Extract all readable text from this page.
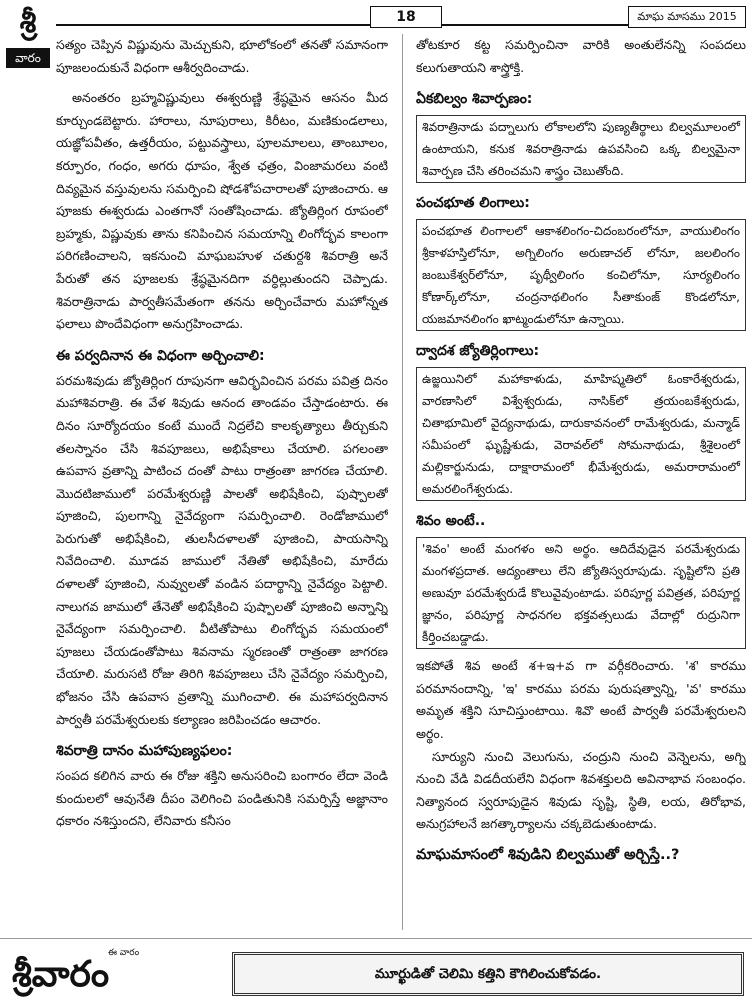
శ్రీ
వారం
18	మాఘ మాసము 2015

సత్యం చెప్పిన విష్ణువును మెచ్చుకుని, భూలోకంలో తనతో సమానంగా పూజలందుకునే విధంగా ఆశీర్వదించాడు.

అనంతరం బ్రహ్మవిష్ణువులు ఈశ్వరుణ్ణి శ్రేష్ఠమైన ఆసనం మీద కూర్చుండబెట్టారు. హారాలు, నూపురాలు, కిరీటం, మణికుండలాలు, యజ్ఞోపవీతం, ఉత్తరీయం, పట్టువస్త్రాలు, పూలమాలలు, తాంబూలం, కర్పూరం, గంధం, అగరు ధూపం, శ్వేత ఛత్రం, వింజామరలు వంటి దివ్యమైన వస్తువులను సమర్పించి షోడశోపచారాలతో పూజించారు. ఆ పూజకు ఈశ్వరుడు ఎంతగానో సంతోషించాడు. జ్యోతిర్లింగ రూపంలో బ్రహ్మకు, విష్ణువుకు తాను కనిపించిన సమయాన్ని లింగోద్భవ కాలంగా పరిగణించాలని, ఇకనుంచి మాఘబహుళ చతుర్దశి శివరాత్రి అనే పేరుతో తన పూజలకు శ్రేష్ఠమైనదిగా వర్ధిల్లుతుందని చెప్పాడు. శివరాత్రినాడు పార్వతీసమేతంగా తనను అర్చించేవారు మహోన్నత ఫలాలు పొందేవిధంగా అనుగ్రహించాడు.

ఈ పర్వదినాన ఈ విధంగా అర్చించాలి:

పరమశివుడు జ్యోతిర్లింగ రూపునగా ఆవిర్భవించిన పరమ పవిత్ర దినం మహాశివరాత్రి. ఈ వేళ శివుడు ఆనంద తాండవం చేస్తాడంటారు. ఈ దినం సూర్యోదయం కంటే ముందే నిద్రలేచి కాలకృత్యాలు తీర్చుకుని తలస్నానం చేసి శివపూజలు, అభిషేకాలు చేయాలి. పగలంతా ఉపవాస వ్రతాన్ని పాటించ దంతో పాటు రాత్రంతా జాగరణ చేయాలి. మొదటిజాములో పరమేశ్వరుణ్ణి పాలతో అభిషేకించి, పుష్పాలతో పూజించి, పులగాన్ని నైవేద్యంగా సమర్పించాలి. రెండోజాములో పెరుగుతో అభిషేకించి, తులసీదళాలతో పూజించి, పాయసాన్ని నివేదించాలి. మూడవ జాములో నేతితో అభిషేకించి, మారేదు దళాలతో పూజించి, నువ్వులతో వండిన పదార్థాన్ని నైవేద్యం పెట్టాలి. నాలుగవ జాములో తేనెతో అభిషేకించి పుష్పాలతో పూజించి అన్నాన్ని నైవేద్యంగా సమర్పించాలి. వీటితోపాటు లింగోద్భవ సమయంలో పూజలు చేయడంతోపాటు శివనామ స్మరణంతో రాత్రంతా జాగరణ చేయాలి. మరుసటి రోజు తిరిగి శివపూజలు చేసి నైవేద్యం సమర్పించి, భోజనం చేసి ఉపవాస వ్రతాన్ని ముగించాలి. ఈ మహాపర్వదినాన పార్వతీ పరమేశ్వరులకు కల్యాణం జరిపించడం ఆచారం.

శివరాత్రి దానం మహాపుణ్యఫలం:

సంపద కలిగిన వారు ఈ రోజు శక్తిని అనుసరించి బంగారం లేదా వెండి కుందులలో ఆవునేతి దీపం వెలిగించి పండితునికి సమర్పిస్తే అజ్ఞానాం ధకారం నశిస్తుందని, లేనివారు కనీసం

తోటకూర కట్ట సమర్పించినా వారికి అంతులేనన్ని సంపదలు కలుగుతాయని శాస్త్రోక్తి.

ఏకబిల్వం శివార్పణం:

శివరాత్రినాడు పద్నాలుగు లోకాలలోని పుణ్యతీర్థాలు బిల్వమూలంలో ఉంటాయని, కనుక శివరాత్రినాడు ఉపవసించి ఒక్క బిల్వమైనా శివార్పణ చేసి తరించమని శాస్త్రం చెబుతోంది.

పంచభూత లింగాలు:

పంచభూత లింగాలలో ఆకాశలింగం-చిదంబరంలోనూ, వాయులింగం శ్రీకాళహస్తిలోనూ, అగ్నిలింగం అరుణాచల్ లోనూ, జలలింగం జంబుకేశ్వర్‌లోనూ, పృథ్వీలింగం కంచిలోనూ, సూర్యలింగం కోణార్క్‌లోనూ, చంద్రనాథలింగం సీతాకుంజ్ కొండలోనూ, యజమానలింగం ఖాట్మండులోనూ ఉన్నాయి.

ద్వాదశ జ్యోతిర్లింగాలు:

ఉజ్జయినిలో మహాకాళుడు, మాహిష్మతిలో ఓంకారేశ్వరుడు, వారణాసిలో విశ్వేశ్వరుడు, నాసిక్‌లో త్రయంబకేశ్వరుడు, చితాభూమిలో వైద్యనాథుడు, దారుకావనంలో రామేశ్వరుడు, మన్మాడ్ సమీపంలో ఘృష్ణేశుడు, వెరావల్‌లో సోమనాథుడు, శ్రీశైలంలో మల్లికార్జునుడు, దాక్షారామంలో భీమేశ్వరుడు, అమరారామంలో అమరలింగేశ్వరుడు.

శివం అంటే..

'శివం' అంటే మంగళం అని అర్థం. ఆదిదేవుడైన పరమేశ్వరుడు మంగళప్రదాత. ఆద్యంతాలు లేని జ్యోతిస్వరూపుడు. సృష్టిలోని ప్రతి అణువూ పరమేశ్వరుడే కొలువైవుంటాడు. పరిపూర్ణ పవిత్రత, పరిపూర్ణ జ్ఞానం, పరిపూర్ణ సాధనగల భక్తవత్సలుడు వేదాల్లో రుద్రునిగా కీర్తించబడ్డాడు.

ఇకపోతే శివ అంటే శ+ఇ+వ గా వర్గీకరించారు. 'శ' కారము పరమానందాన్ని, 'ఇ' కారము పరమ పురుషత్వాన్ని, 'వ' కారము అమృత శక్తిని సూచిస్తుంటాయి. శివొ అంటే పార్వతీ పరమేశ్వరులని అర్థం.

సూర్యుని నుంచి వెలుగును, చంద్రుని నుంచి వెన్నెలను, అగ్ని నుంచి వేడి విడదీయలేని విధంగా శివశక్తులది అవినాభావ సంబంధం. నిత్యానంద స్వరూపుడైన శివుడు సృష్టి, స్థితి, లయ, తిరోభావ, అనుగ్రహాలనే జగత్కార్యాలను చక్కబెడుతుంటాడు.

మాఘమాసంలో శివుడిని బిల్వముతో అర్చిస్తే..?
ఈ వారం
శ్రీవారం	మూర్ఖుడితో చెలిమి కత్తిని కౌగిలించుకోవడం.
